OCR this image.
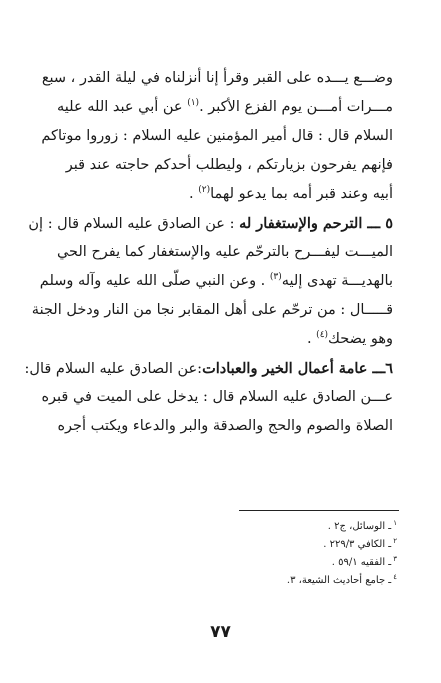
وضـــع يـــده على القبر وقرأ إنا أنزلناه في ليلة القدر ، سبع
مـــرات أمـــن يوم الفزع الأكبر .$^{(١)}$ عن أبي عبد الله عليه
السلام قال : قال أمير المؤمنين عليه السلام : زوروا موتاكم
فإنهم يفرحون بزيارتكم ، وليطلب أحدكم حاجته عند قبر
أبيه وعند قبر أمه بما يدعو لهما$^{(٢)}$ .
٥ ـــ الترحم والإستغفار له : عن الصادق عليه السلام قال : إن
الميـــت ليفـــرح بالترحّم عليه والإستغفار كما يفرح الحي
بالهديـــة تهدى إليه$^{(٣)}$ . وعن النبي صلّى الله عليه وآله وسلم
قـــــال : من ترحّم على أهل المقابر نجا من النار ودخل الجنة
وهو يضحك$^{(٤)}$ .
٦ـــ عامة أعمال الخير والعبادات:عن الصادق عليه السلام قال:
عـــن الصادق عليه السلام قال : يدخل على الميت في قبره
الصلاة والصوم والحج والصدقة والبر والدعاء ويكتب أجره
$^١$ـ الوسائل، ج٢ .
$^٢$ـ الكافي ٢٢٩/٣ .
$^٣$ـ الفقيه ٥٩/١ .
$^٤$ـ جامع أحاديث الشيعة، ٣.
٧٧
